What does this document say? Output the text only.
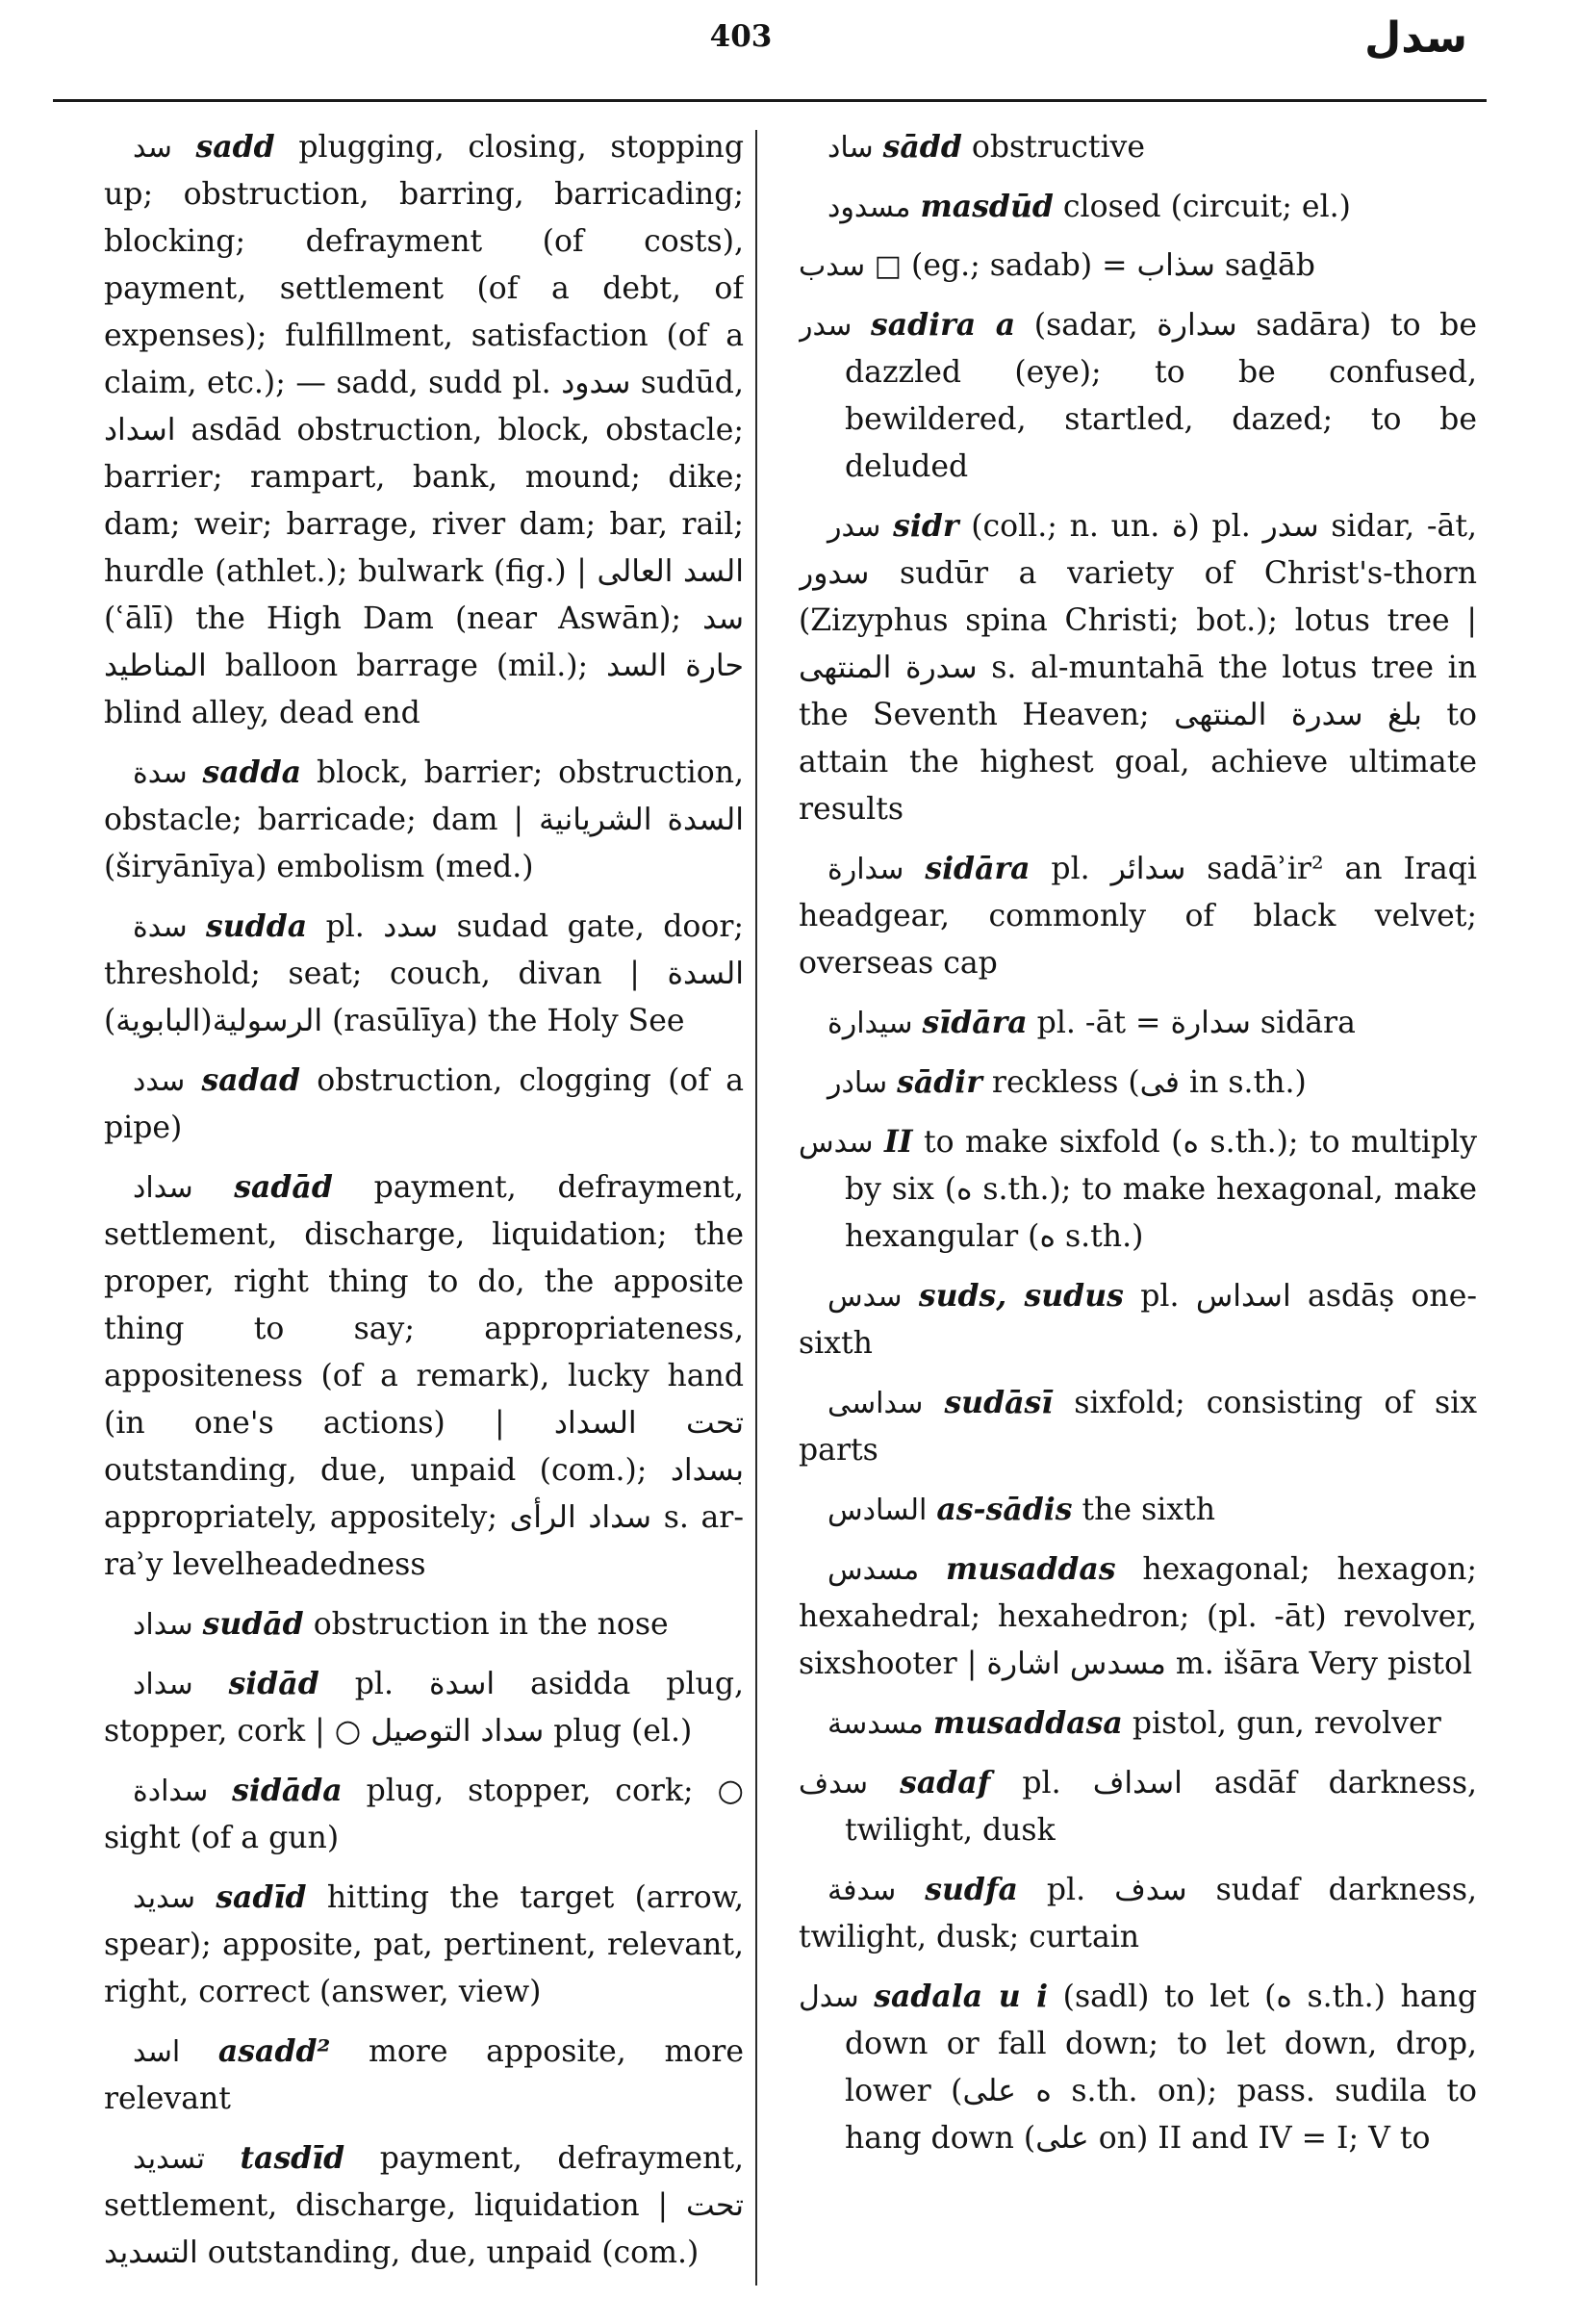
403	سدل
سد sadd plugging, closing, stopping up; obstruction, barring, barricading; blocking; defrayment (of costs), payment, settlement (of a debt, of expenses); fulfillment, satisfaction (of a claim, etc.); — sadd, sudd pl. سدود sudūd, اسداد asdād obstruction, block, obstacle; barrier; rampart, bank, mound; dike; dam; weir; barrage, river dam; bar, rail; hurdle (athlet.); bulwark (fig.) | السد العالى (ʿālī) the High Dam (near Aswān); سد المناطيد balloon barrage (mil.); حارة السد blind alley, dead end
سدة sadda block, barrier; obstruction, obstacle; barricade; dam | السدة الشريانية (širyānīya) embolism (med.)
سدة sudda pl. سدد sudad gate, door; threshold; seat; couch, divan | السدة الرسولية(البابوية) (rasūlīya) the Holy See
سدد sadad obstruction, clogging (of a pipe)
سداد sadād payment, defrayment, settlement, discharge, liquidation; the proper, right thing to do, the apposite thing to say; appropriateness, appositeness (of a remark), lucky hand (in one's actions) | تحت السداد outstanding, due, unpaid (com.); بسداد appropriately, appositely; سداد الرأى s. ar-raʾy levelheadedness
سداد sudād obstruction in the nose
سداد sidād pl. اسدة asidda plug, stopper, cork | ○ سداد التوصيل plug (el.)
سدادة sidāda plug, stopper, cork; ○ sight (of a gun)
سديد sadīd hitting the target (arrow, spear); apposite, pat, pertinent, relevant, right, correct (answer, view)
اسد asadd² more apposite, more relevant
تسديد tasdīd payment, defrayment, settlement, discharge, liquidation | تحت التسديد outstanding, due, unpaid (com.)
ساد sādd obstructive
مسدود masdūd closed (circuit; el.)
□ سدب (eg.; sadab) = سذاب saḏāb
سدر sadira a (sadar, سدارة sadāra) to be dazzled (eye); to be confused, bewildered, startled, dazed; to be deluded
سدر sidr (coll.; n. un. ة) pl. سدر sidar, -āt, سدور sudūr a variety of Christ's-thorn (Zizyphus spina Christi; bot.); lotus tree | سدرة المنتهى s. al-muntahā the lotus tree in the Seventh Heaven; بلغ سدرة المنتهى to attain the highest goal, achieve ultimate results
سدارة sidāra pl. سدائر sadāʾir² an Iraqi headgear, commonly of black velvet; overseas cap
سيدارة sīdāra pl. -āt = سدارة sidāra
سادر sādir reckless (فى in s.th.)
سدس II to make sixfold (ه s.th.); to multiply by six (ه s.th.); to make hexagonal, make hexangular (ه s.th.)
سدس suds, sudus pl. اسداس asdāṣ one-sixth
سداسى sudāsī sixfold; consisting of six parts
السادس as-sādis the sixth
مسدس musaddas hexagonal; hexagon; hexahedral; hexahedron; (pl. -āt) revolver, sixshooter | مسدس اشارة m. išāra Very pistol
مسدسة musaddasa pistol, gun, revolver
سدف sadaf pl. اسداف asdāf darkness, twilight, dusk
سدفة sudfa pl. سدف sudaf darkness, twilight, dusk; curtain
سدل sadala u i (sadl) to let (ه s.th.) hang down or fall down; to let down, drop, lower (ه على s.th. on); pass. sudila to hang down (على on) II and IV = I; V to
